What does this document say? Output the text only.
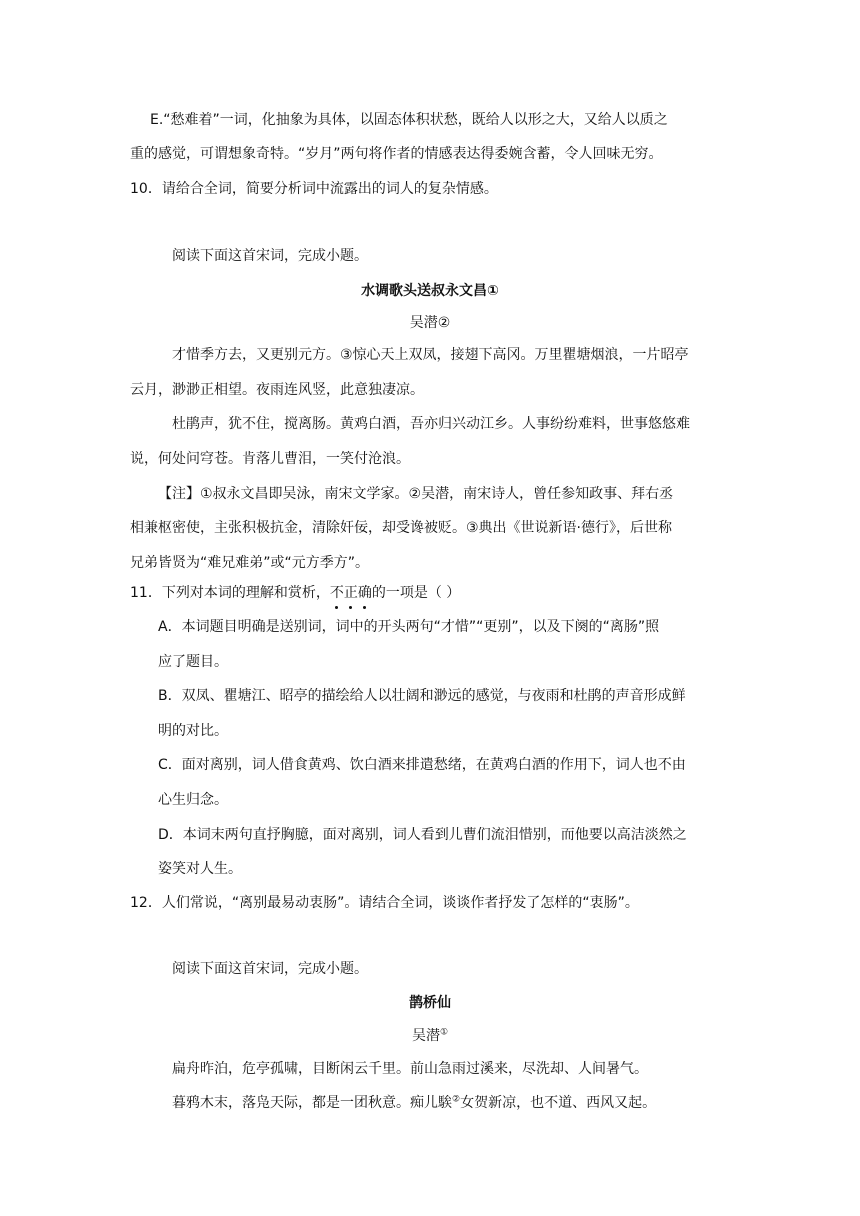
E.“愁难着”一词，化抽象为具体，以固态体积状愁，既给人以形之大，又给人以质之
重的感觉，可谓想象奇特。“岁月”两句将作者的情感表达得委婉含蓄，令人回味无穷。
10．请给合全词，简要分析词中流露出的词人的复杂情感。
阅读下面这首宋词，完成小题。
水调歌头送叔永文昌①
吴潜②
才惜季方去，又更别元方。③惊心天上双凤，接翅下高冈。万里瞿塘烟浪，一片昭亭
云月，渺渺正相望。夜雨连风竖，此意独凄凉。
杜鹃声，犹不住，搅离肠。黄鸡白酒，吾亦归兴动江乡。人事纷纷难料，世事悠悠难
说，何处问穹苍。肯落儿曹泪，一笑付沧浪。
【注】①叔永文昌即吴泳，南宋文学家。②吴潜，南宋诗人，曾任参知政事、拜右丞
相兼枢密使，主张积极抗金，清除奸佞，却受谗被贬。③典出《世说新语·德行》，后世称
兄弟皆贤为“难兄难弟”或“元方季方”。
11．下列对本词的理解和赏析，不正确的一项是（ ）
A．本词题目明确是送别词，词中的开头两句“才惜”“更别”，以及下阕的“离肠”照
应了题目。
B．双凤、瞿塘江、昭亭的描绘给人以壮阔和渺远的感觉，与夜雨和杜鹃的声音形成鲜
明的对比。
C．面对离别，词人借食黄鸡、饮白酒来排遣愁绪，在黄鸡白酒的作用下，词人也不由
心生归念。
D．本词末两句直抒胸臆，面对离别，词人看到儿曹们流泪惜别，而他要以高洁淡然之
姿笑对人生。
12．人们常说，“离别最易动衷肠”。请结合全词，谈谈作者抒发了怎样的“衷肠”。
阅读下面这首宋词，完成小题。
鹊桥仙
吴潜①
扁舟昨泊，危亭孤啸，目断闲云千里。前山急雨过溪来，尽洗却、人间暑气。
暮鸦木末，落凫天际，都是一团秋意。痴儿騃②女贺新凉，也不道、西风又起。
